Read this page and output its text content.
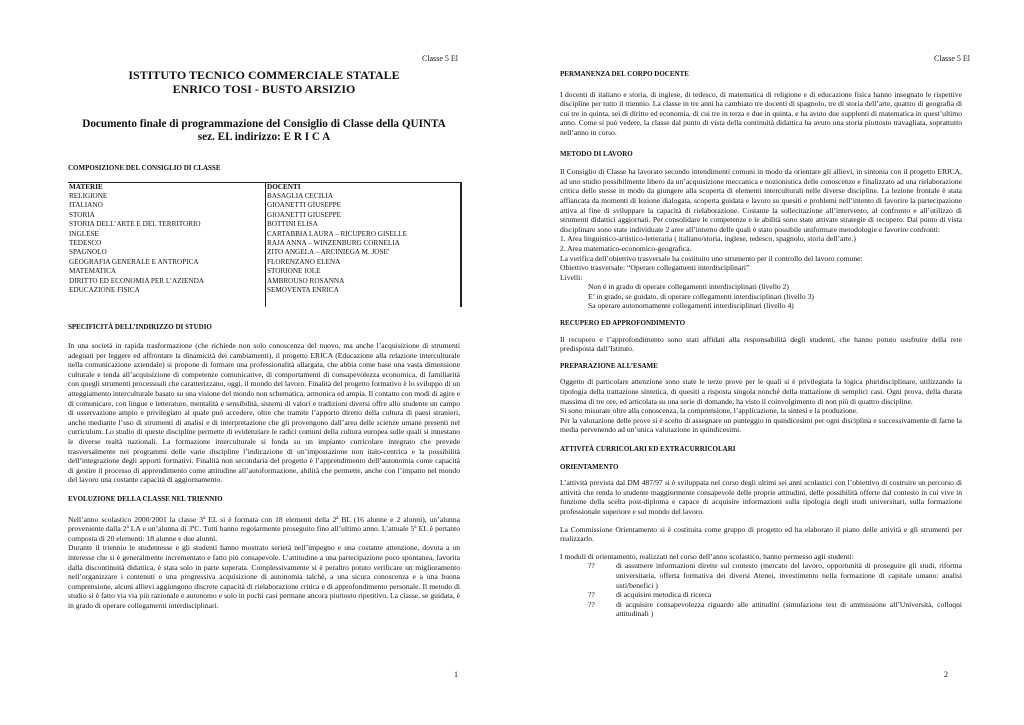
Classe 5 El
ISTITUTO TECNICO COMMERCIALE STATALE
ENRICO TOSI - BUSTO ARSIZIO
Documento finale di programmazione del Consiglio di Classe della QUINTA
sez. EL indirizzo: E R I C A
COMPOSIZIONE DEL CONSIGLIO DI CLASSE
MATERIE	DOCENTI
RELIGIONE	BASAGLIA CECILIA
ITALIANO	GIOANETTI GIUSEPPE
STORIA	GIOANETTI GIUSEPPE
STORIA DELL’ARTE E DEL TERRITORIO	BOTTINI ELISA
INGLESE	CARTABBIA LAURA – RICUPERO GISELLE
TEDESCO	RAJA ANNA – WINZENBURG CORNELIA
SPAGNOLO	ZITO ANGELA – ARCINIEGA M. JOSE'
GEOGRAFIA GENERALE E ANTROPICA	FLORENZANO ELENA
MATEMATICA	STORIONE IOLE
DIRITTO ED ECONOMIA PER L’AZIENDA	AMBROUSO ROSANNA
EDUCAZIONE FISICA	SEMOVENTA ENRICA

SPECIFICITÀ DELL’INDIRIZZO DI STUDIO

In una società in rapida trasformazione (che richiede non solo conoscenza del nuovo, ma anche l’acquisizione di strumenti adeguati per leggere ed affrontare la dinamicità dei cambiamenti), il progetto ERICA (Educazione alla relazione interculturale nella comunicazione aziendale) si propone di formare una professionalità allargata, che abbia come base una vasta dimensione culturale e tenda all’acquisizione di competenze comunicative, di comportamenti di consapevolezza economica, di familiarità con quegli strumenti processuali che caratterizzano, oggi, il mondo del lavoro. Finalità del progetto formativo è lo sviluppo di un atteggiamento interculturale basato su una visione del mondo non schematica, armonica ed ampia. Il contatto con modi di agire e di comunicare, con lingue e letterature, mentalità e sensibilità, sistemi di valori e tradizioni diversi offre allo studente un campo di osservazione ampio e privilegiato al quale può accedere, oltre che tramite l’apporto diretto della cultura di paesi stranieri, anche mediante l’uso di strumenti di analisi e di interpretazione che gli provengono dall’area delle scienze umane presenti nel curriculum. Lo studio di queste discipline permette di evidenziare le radici comuni della cultura europea sulle quali si innestano le diverse realtà nazionali. La formazione interculturale si fonda su un impianto curricolare integrato che prevede trasversalmente nei programmi delle varie discipline l’indicazione di un’impostazione non italo-centrica e la possibilità dell’integrazione degli apporti formativi. Finalità non secondaria del progetto è l’apprendimento dell’autonomia come capacità di gestire il processo di apprendimento come attitudine all’autoformazione, abilità che permette, anche con l’impatto nel mondo del lavoro una costante capacità di aggiornamento.

EVOLUZIONE DELLA CLASSE NEL TRIENNIO

Nell’anno scolastico 2000/2001 la classe 3ª EL si è formata con 18 elementi della 2ª BL (16 alunne e 2 alunni), un’alunna proveniente dalla 2ª LA e un’alunna di 3ªC. Tutti hanno regolarmente proseguito fino all’ultimo anno. L’attuale 5ª EL è pertanto composta di 20 elementi: 18 alunne e due alunni.

Durante il triennio le studentesse e gli studenti hanno mostrato serietà nell’impegno e una costante attenzione, dovuta a un interesse che si è generalmente incrementato e fatto più consapevole. L’attitudine a una partecipazione poco spontanea, favorita dalla discontinuità didattica, è stata solo in parte superata. Complessivamente si è peraltro potuto verificare un miglioramento nell’organizzare i contenuti e una progressiva acquisizione di autonomia talchè, a una sicura conoscenza e a una buona comprensione, alcuni allievi aggiungono discrete capacità di rielaborazione critica e di approfondimento personale. Il metodo di studio si è fatto via via più razionale e autonomo e solo in pochi casi permane ancora piuttosto ripetitivo. La classe, se guidata, è in grado di operare collegamenti interdisciplinari.

1
Classe 5 El
PERMANENZA DEL CORPO DOCENTE

I docenti di italiano e storia, di inglese, di tedesco, di matematica di religione e di educazione fisica hanno insegnato le rispettive discipline per tutto il triennio. La classe in tre anni ha cambiato tre docenti di spagnolo, tre di storia dell’arte, quattro di geografia di cui tre in quinta, sei di diritto ed economia, di cui tre in terza e due in quinta, e ha avuto due supplenti di matematica in quest’ultimo anno. Come si può vedere, la classe dal punto di vista della continuità didattica ha avuto una storia piuttosto travagliata, soprattutto nell’anno in corso.

METODO DI LAVORO

Il Consiglio di Classe ha lavorato secondo intendimenti comuni in modo da orientare gli allievi, in sintonia con il progetto ERICA, ad uno studio possibilmente libero da un’acquisizione meccanica e nozionistica delle conoscenze e finalizzato ad una rielaborazione critica delle stesse in modo da giungere alla scoperta di elementi interculturali nelle diverse discipline. La lezione frontale è stata affiancata da momenti di lezione dialogata, scoperta guidata e lavoro su quesiti e problemi nell’intento di favorire la partecipazione attiva al fine di sviluppare la capacità di rielaborazione. Costante la sollecitazione all’intervento, al confronto e all’utilizzo di strumenti didattici aggiornati. Per consolidare le competenze e le abilità sono state attivate strategie di recupero. Dal punto di vista disciplinare sono state individuate 2 aree all’interno delle quali è stato possibile uniformare metodologie e favorire confronti:

1. Area linguistico-artistico-letteraria ( italiano/storia, inglese, tedesco, spagnolo, storia dell’arte.)
2. Area matematico-economico-geografica.

La verifica dell’obiettivo trasversale ha costituito uno strumento per il controllo del lavoro comune:

Obiettivo trasversale: “Operare collegamenti interdisciplinari”

Livelli:

Non è in grado di operare collegamenti interdisciplinari (livello 2)
E’ in grado, se guidato, di operare collegamenti interdisciplinari (livello 3)
Sa operare autonomamente collegamenti interdisciplinari (livello 4)
RECUPERO ED APPROFONDIMENTO

Il recupero e l’approfondimento sono stati affidati alla responsabilità degli studenti, che hanno potuto usufruire della rete predisposta dall’Istituto.

PREPARAZIONE ALL’ESAME

Oggetto di particolare attenzione sono state le terze prove per le quali si è privilegiata la logica pluridisciplinare, utilizzando la tipologia della trattazione sintetica, di quesiti a risposta singola nonché della trattazione di semplici casi. Ogni prova, della durata massima di tre ore, ed articolata su una serie di domande, ha visto il coinvolgimento di non più di quattro discipline.

Si sono misurate oltre alla conoscenza, la comprensione, l’applicazione, la sintesi e la produzione.

Per la valutazione delle prove si è scelto di assegnare un punteggio in quindicesimi per ogni disciplina e successivamente di farne la media pervenendo ad un’unica valutazione in quindicesimi.

ATTIVITÀ CURRICOLARI ED EXTRACURRICOLARI
ORIENTAMENTO

L’attività prevista dal DM 487/97 si è sviluppata nel corso degli ultimi sei anni scolastici con l’obiettivo di costruire un percorso di attività che renda lo studente maggiormente consapevole delle proprie attitudini, delle possibilità offerte dal contesto in cui vive in funzione della scelta post-diploma e capace di acquisire informazioni sulla tipologia degli studi universitari, sulla formazione professionale superiore e sul mondo del lavoro.

La Commissione Orientamento si è costituita come gruppo di progetto ed ha elaborato il piano delle attività e gli strumenti per realizzarlo.

I moduli di orientamento, realizzati nel corso dell’anno scolastico, hanno permesso agli studenti:

??	di assumere informazioni dirette sul contesto (mercato del lavoro, opportunità di proseguire gli studi, riforma universitaria, offerta formativa dei diversi Atenei, investimento nella formazione di capitale umano: analisi usti/benefici )
??	di acquisire metodica di ricerca
??	di acquisire consapevolezza riguardo alle attitudini (simulazione test di ammissione all’Università, colloqui attitudinali )
2
